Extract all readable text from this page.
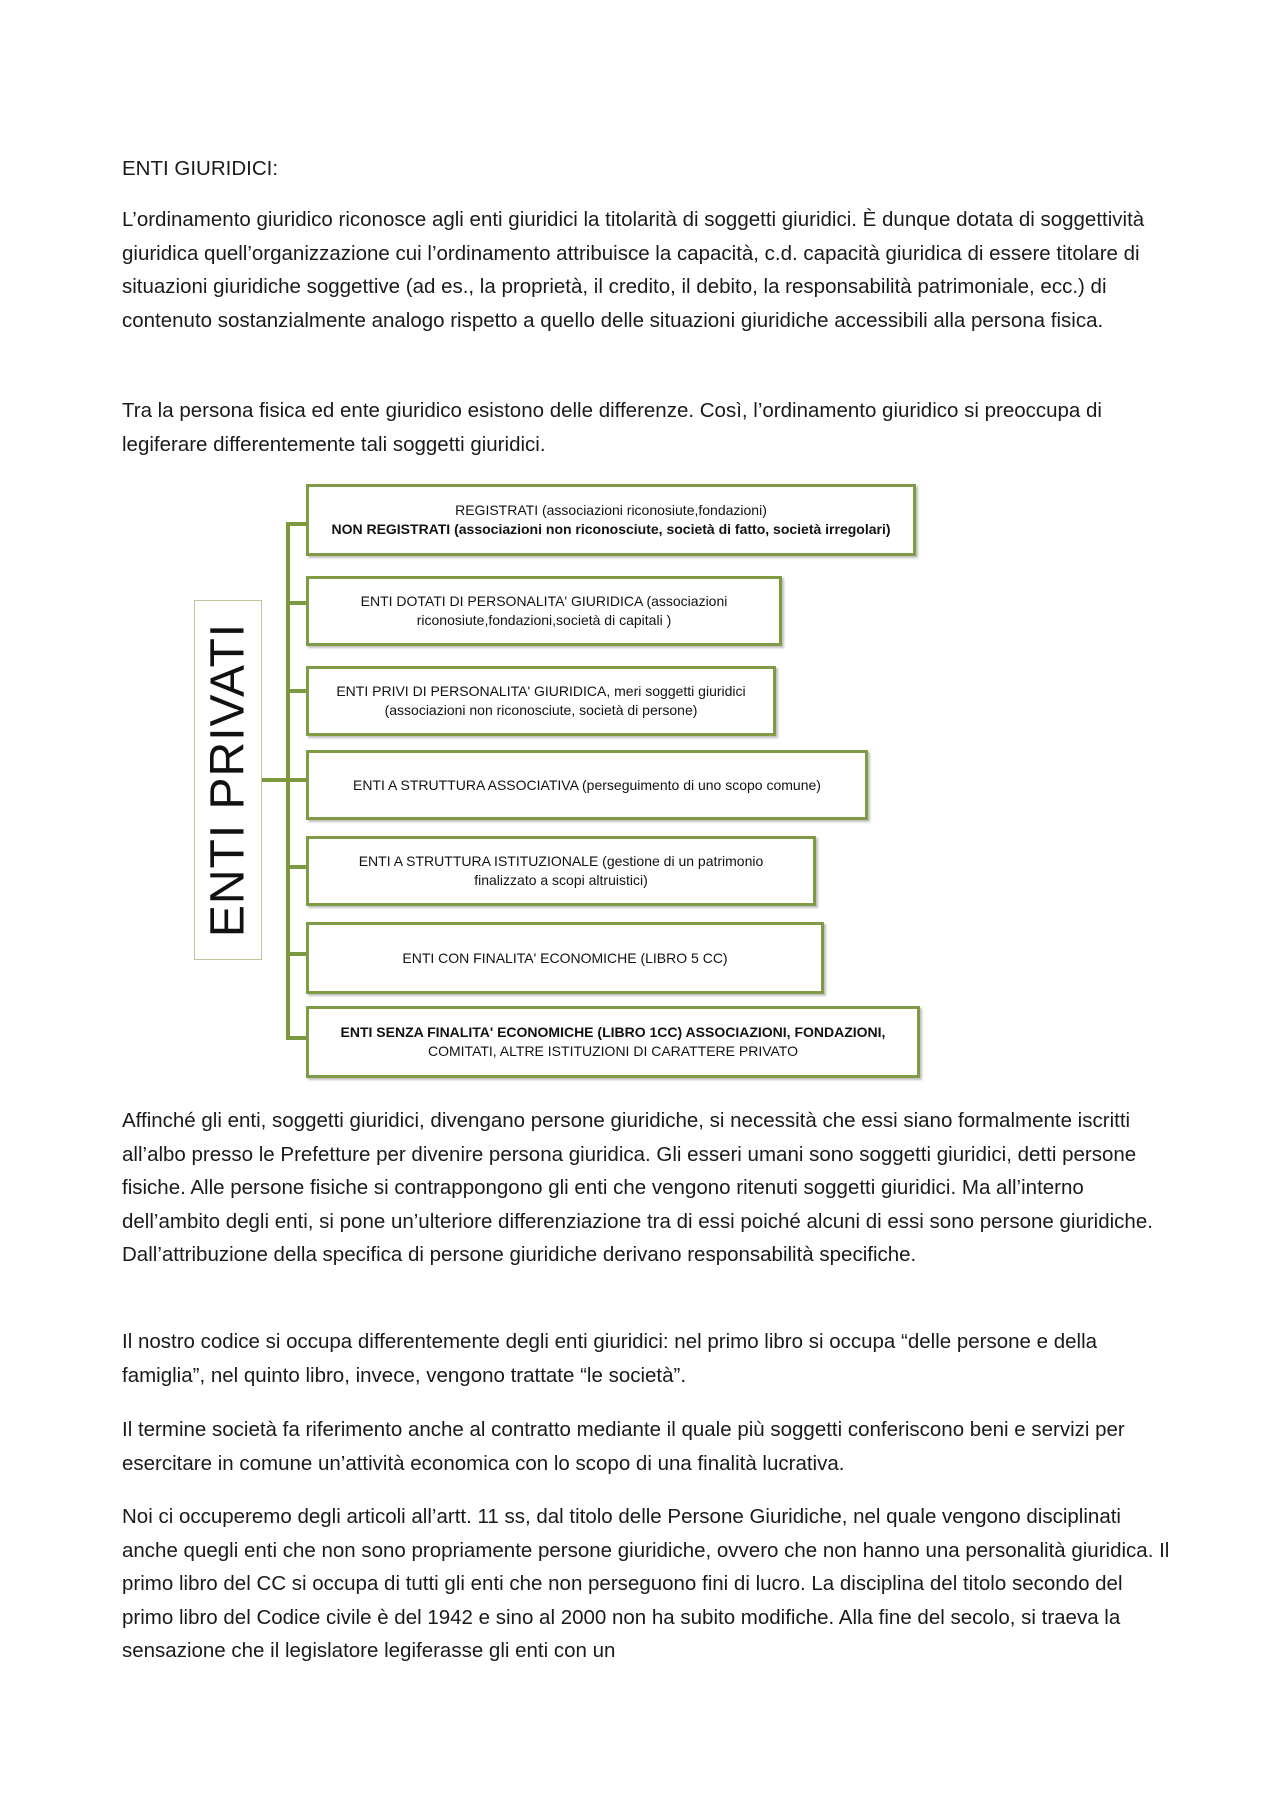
ENTI GIURIDICI:

L’ordinamento giuridico riconosce agli enti giuridici la titolarità di soggetti giuridici. È dunque dotata di soggettività giuridica quell’organizzazione cui l’ordinamento attribuisce la capacità, c.d. capacità giuridica di essere titolare di situazioni giuridiche soggettive (ad es., la proprietà, il credito, il debito, la responsabilità patrimoniale, ecc.) di contenuto sostanzialmente analogo rispetto a quello delle situazioni giuridiche accessibili alla persona fisica.

Tra la persona fisica ed ente giuridico esistono delle differenze. Così, l’ordinamento giuridico si preoccupa di legiferare differentemente tali soggetti giuridici.

ENTI PRIVATI
REGISTRATI (associazioni riconosiute,fondazioni)
NON REGISTRATI (associazioni non riconosciute, società di fatto, società irregolari)
ENTI DOTATI DI PERSONALITA' GIURIDICA (associazioni
riconosiute,fondazioni,società di capitali )
ENTI PRIVI DI PERSONALITA' GIURIDICA, meri soggetti giuridici
(associazioni non riconosciute, società di persone)
ENTI A STRUTTURA ASSOCIATIVA (perseguimento di uno scopo comune)
ENTI A STRUTTURA ISTITUZIONALE (gestione di un patrimonio
finalizzato a scopi altruistici)
ENTI CON FINALITA' ECONOMICHE (LIBRO 5 CC)
ENTI SENZA FINALITA' ECONOMICHE (LIBRO 1CC) ASSOCIAZIONI, FONDAZIONI,
COMITATI, ALTRE ISTITUZIONI DI CARATTERE PRIVATO

Affinché gli enti, soggetti giuridici, divengano persone giuridiche, si necessità che essi siano formalmente iscritti all’albo presso le Prefetture per divenire persona giuridica. Gli esseri umani sono soggetti giuridici, detti persone fisiche. Alle persone fisiche si contrappongono gli enti che vengono ritenuti soggetti giuridici. Ma all’interno dell’ambito degli enti, si pone un’ulteriore differenziazione tra di essi poiché alcuni di essi sono persone giuridiche. Dall’attribuzione della specifica di persone giuridiche derivano responsabilità specifiche.

Il nostro codice si occupa differentemente degli enti giuridici: nel primo libro si occupa “delle persone e della famiglia”, nel quinto libro, invece, vengono trattate “le società”.

Il termine società fa riferimento anche al contratto mediante il quale più soggetti conferiscono beni e servizi per esercitare in comune un’attività economica con lo scopo di una finalità lucrativa.

Noi ci occuperemo degli articoli all’artt. 11 ss, dal titolo delle Persone Giuridiche, nel quale vengono disciplinati anche quegli enti che non sono propriamente persone giuridiche, ovvero che non hanno una personalità giuridica. Il primo libro del CC si occupa di tutti gli enti che non perseguono fini di lucro. La disciplina del titolo secondo del primo libro del Codice civile è del 1942 e sino al 2000 non ha subito modifiche. Alla fine del secolo, si traeva la sensazione che il legislatore legiferasse gli enti con un
